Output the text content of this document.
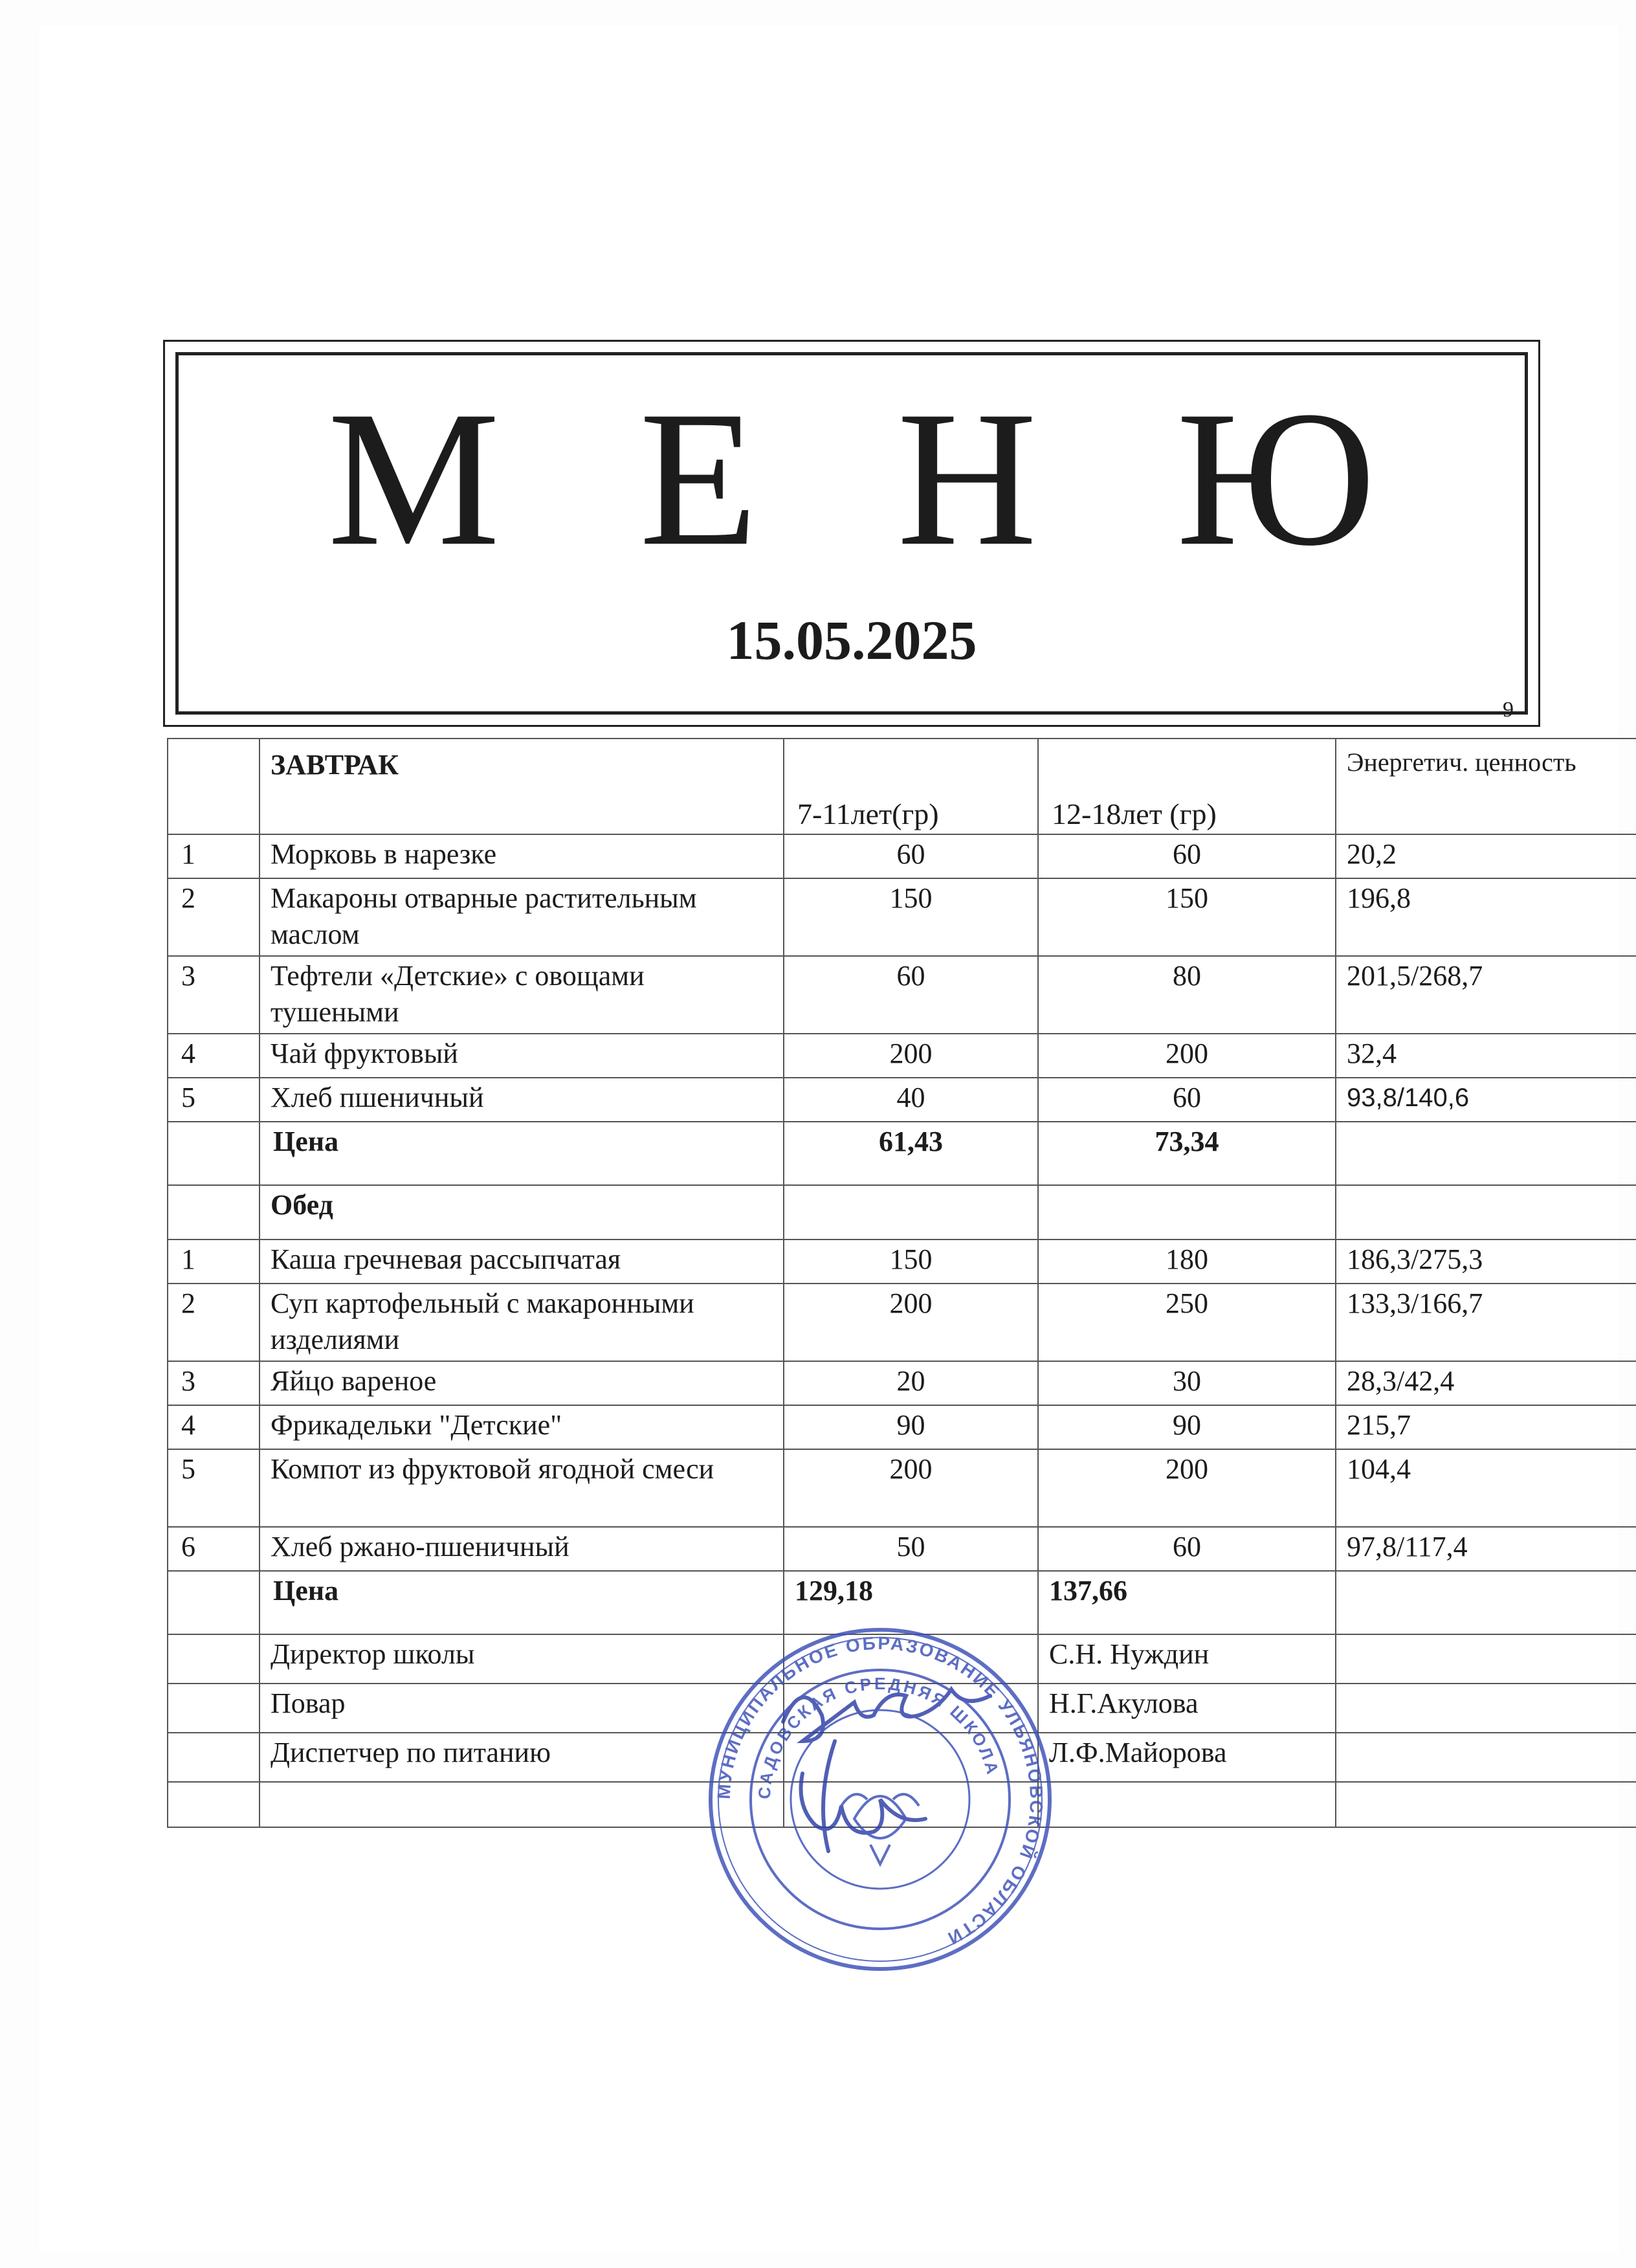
М Е Н Ю
15.05.2025
9
	ЗАВТРАК	7-11лет(гр)	12-18лет (гр)	Энергетич. ценность
1	Морковь в нарезке	60	60	20,2
2	Макароны отварные растительным маслом	150	150	196,8
3	Тефтели «Детские» с овощами тушеными	60	80	201,5/268,7
4	Чай фруктовый	200	200	32,4
5	Хлеб пшеничный	40	60	93,8/140,6
	Цена	61,43	73,34	
	Обед			
1	Каша гречневая рассыпчатая	150	180	186,3/275,3
2	Суп картофельный с макаронными изделиями	200	250	133,3/166,7
3	Яйцо вареное	20	30	28,3/42,4
4	Фрикадельки "Детские"	90	90	215,7
5	Компот из фруктовой ягодной смеси	200	200	104,4
6	Хлеб ржано-пшеничный	50	60	97,8/117,4
	Цена	129,18	137,66	
	Директор школы		С.Н. Нуждин	
	Повар		Н.Г.Акулова	
	Диспетчер по питанию		Л.Ф.Майорова	

МУНИЦИПАЛЬНОЕ ОБРАЗОВАНИЕ УЛЬЯНОВСКОЙ ОБЛАСТИ
САДОВСКАЯ СРЕДНЯЯ ШКОЛА
